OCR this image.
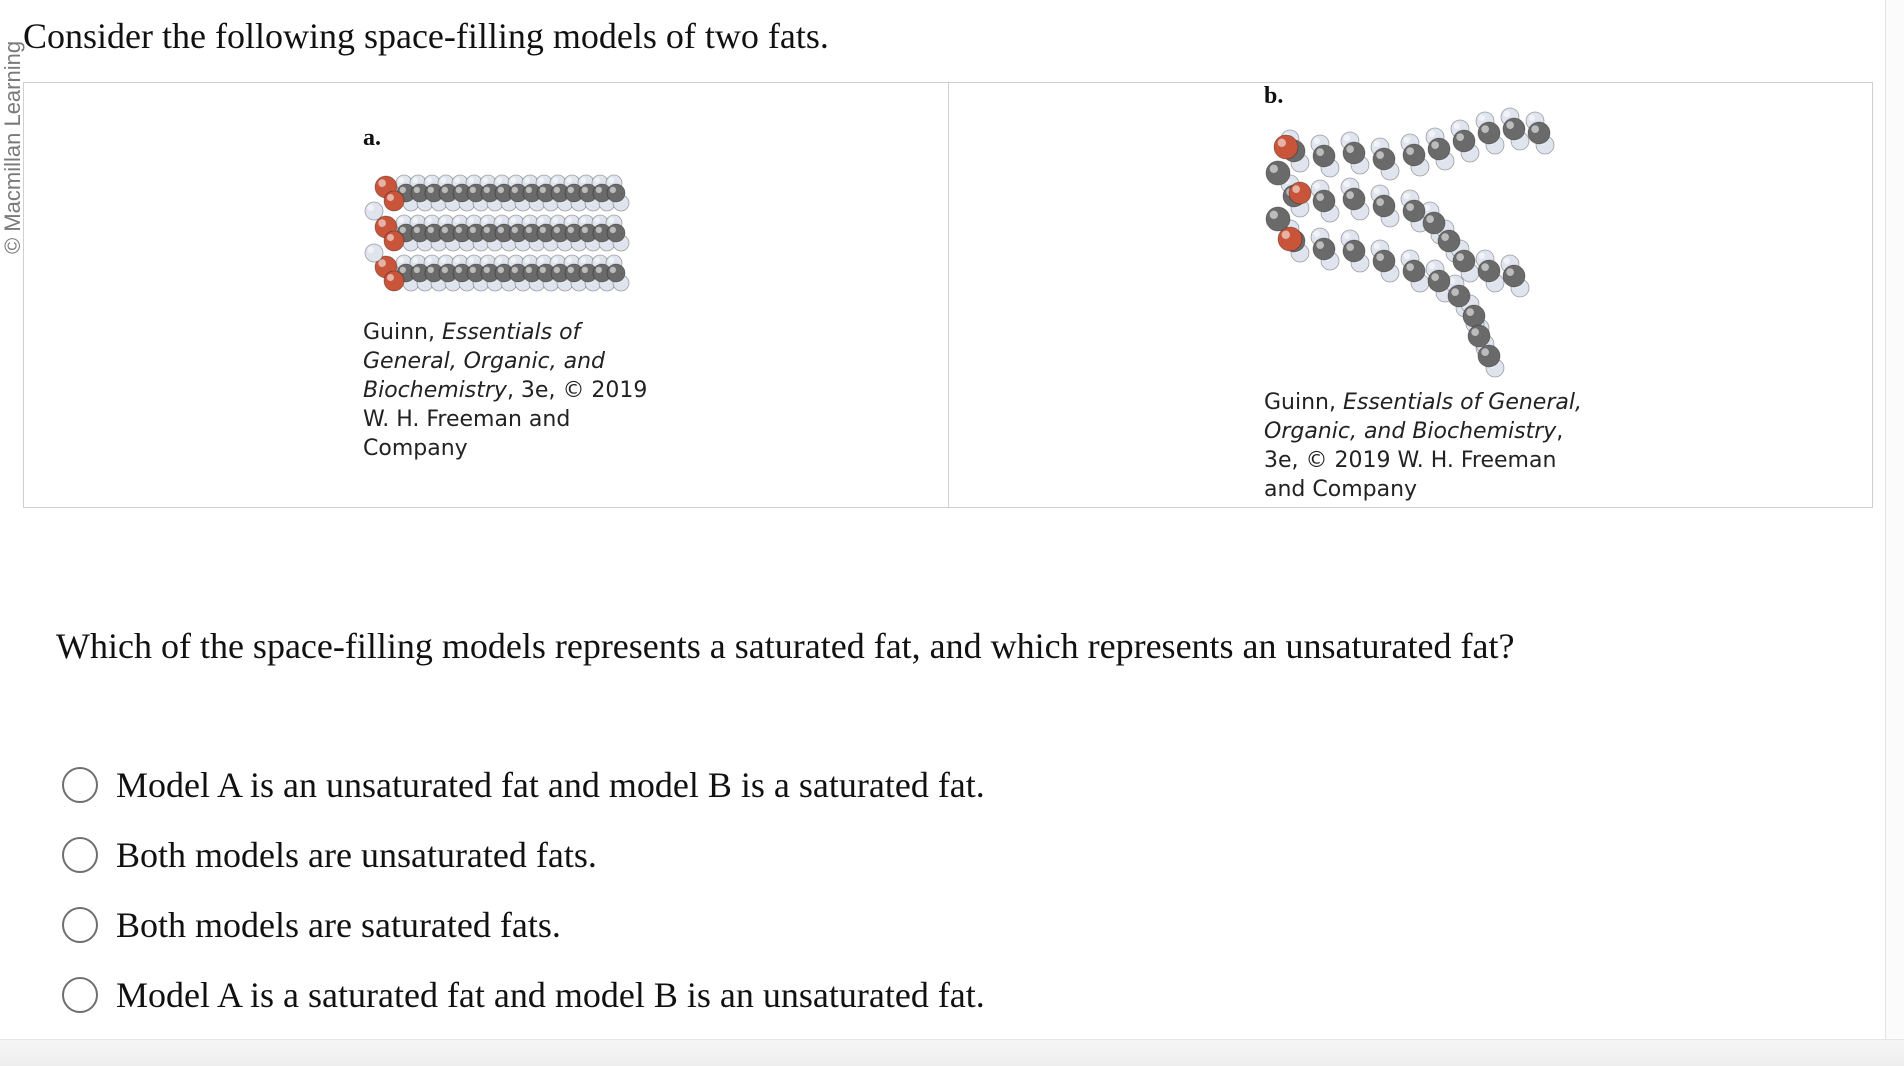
© Macmillan Learning

Consider the following space-filling models of two fats.

a.
Guinn, Essentials of
General, Organic, and
Biochemistry, 3e, © 2019
W. H. Freeman and
Company
b.
Guinn, Essentials of General,
Organic, and Biochemistry,
3e, © 2019 W. H. Freeman
and Company

Which of the space-filling models represents a saturated fat, and which represents an unsaturated fat?

Model A is an unsaturated fat and model B is a saturated fat.
Both models are unsaturated fats.
Both models are saturated fats.
Model A is a saturated fat and model B is an unsaturated fat.
